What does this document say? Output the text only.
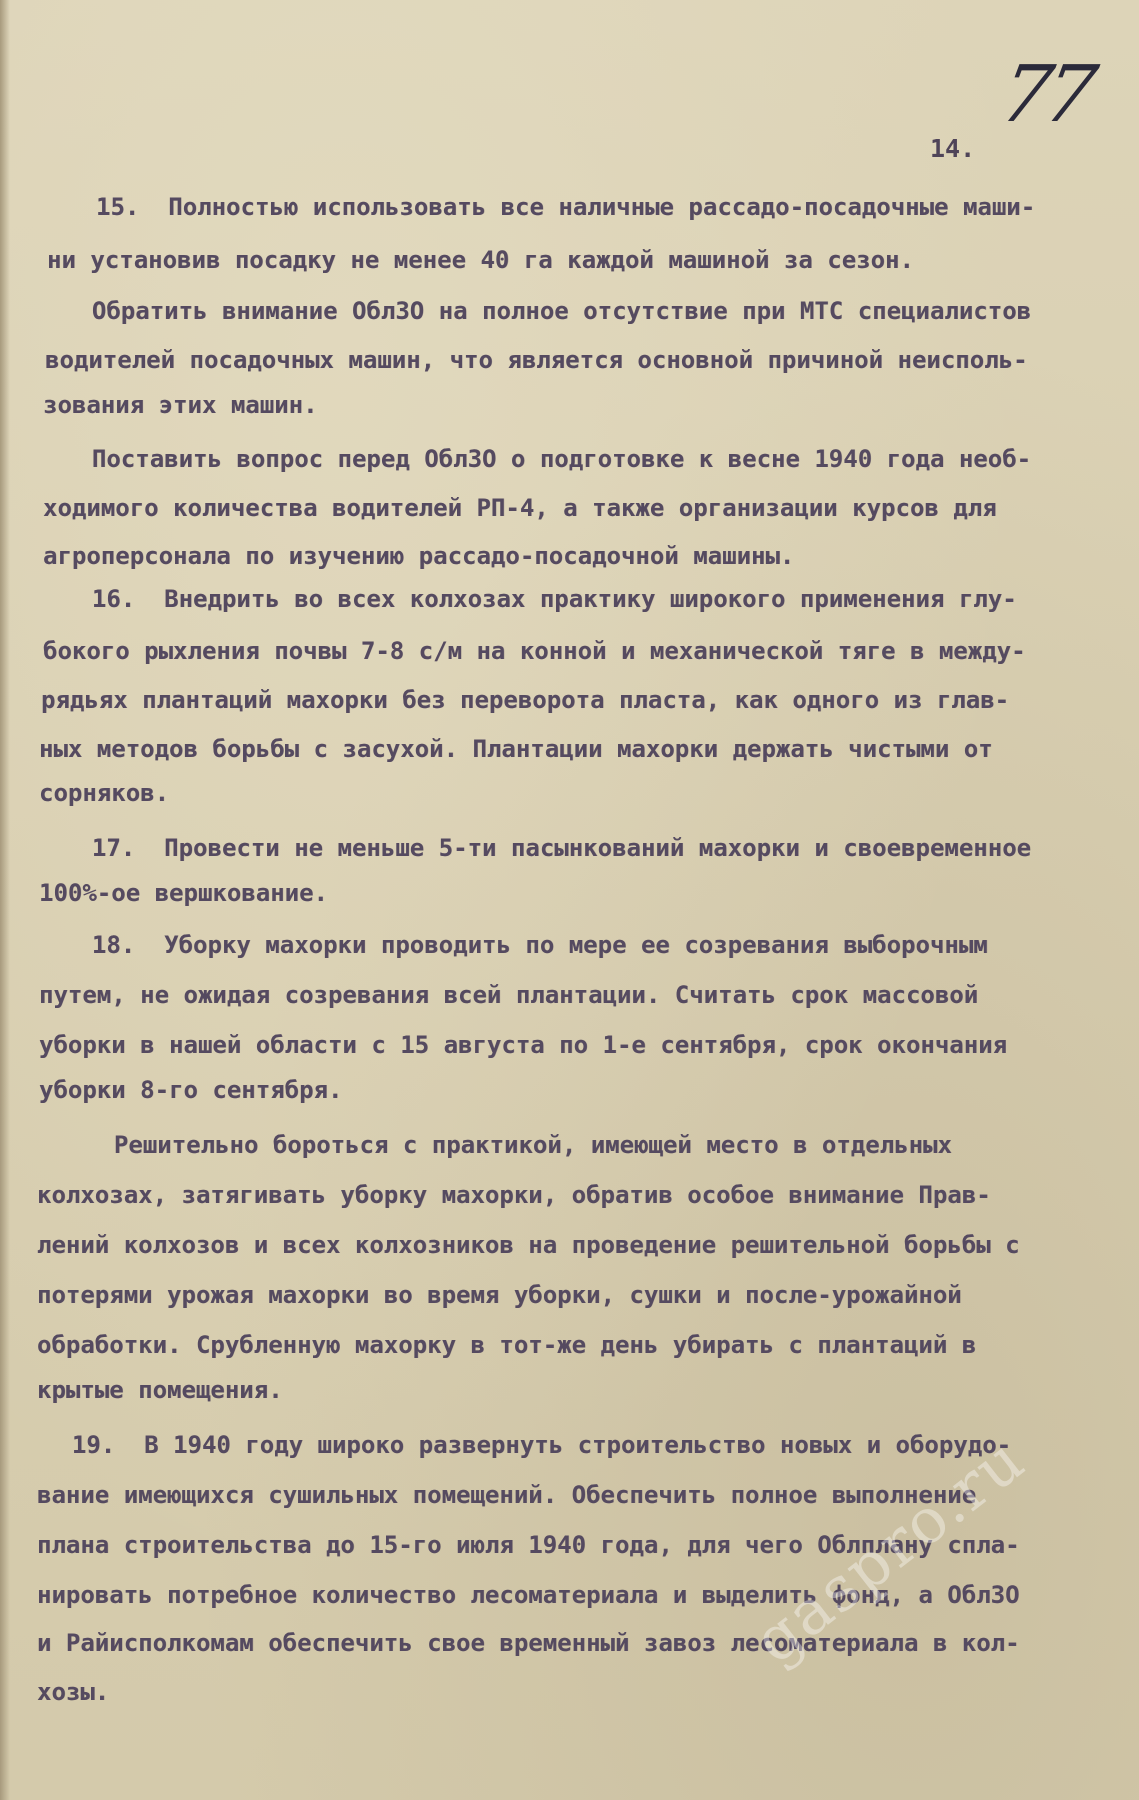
77
14.
15.  Полностью использовать все наличные рассадо-посадочные маши-
ни установив посадку не менее 40 га каждой машиной за сезон.
Обратить внимание ОблЗО на полное отсутствие при МТС специалистов
водителей посадочных машин, что является основной причиной неисполь-
зования этих машин.
Поставить вопрос перед ОблЗО о подготовке к весне 1940 года необ-
ходимого количества водителей РП-4, а также организации курсов для
агроперсонала по изучению рассадо-посадочной машины.
16.  Внедрить во всех колхозах практику широкого применения глу-
бокого рыхления почвы 7-8 с/м на конной и механической тяге в между-
рядьях плантаций махорки без переворота пласта, как одного из глав-
ных методов борьбы с засухой. Плантации махорки держать чистыми от
сорняков.
17.  Провести не меньше 5-ти пасынкований махорки и своевременное
100%-ое вершкование.
18.  Уборку махорки проводить по мере ее созревания выборочным
путем, не ожидая созревания всей плантации. Считать срок массовой
уборки в нашей области с 15 августа по 1-е сентября, срок окончания
уборки 8-го сентября.
Решительно бороться с практикой, имеющей место в отдельных
колхозах, затягивать уборку махорки, обратив особое внимание Прав-
лений колхозов и всех колхозников на проведение решительной борьбы с
потерями урожая махорки во время уборки, сушки и после-урожайной
обработки. Срубленную махорку в тот-же день убирать с плантаций в
крытые помещения.
19.  В 1940 году широко развернуть строительство новых и оборудо-
вание имеющихся сушильных помещений. Обеспечить полное выполнение
плана строительства до 15-го июля 1940 года, для чего Облплану спла-
нировать потребное количество лесоматериала и выделить фонд, а ОблЗО
и Райисполкомам обеспечить свое временный завоз лесоматериала в кол-
хозы.
gaspro.ru
